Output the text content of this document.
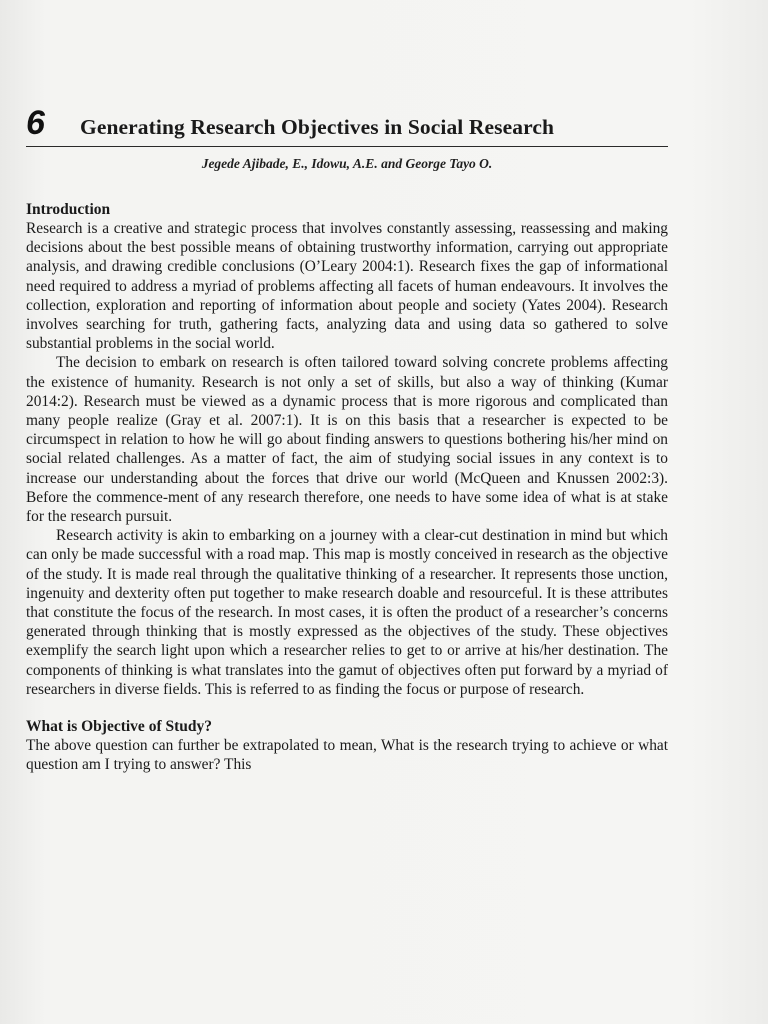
6	Generating Research Objectives in Social Research
Jegede Ajibade, E., Idowu, A.E. and George Tayo O.
Introduction

Research is a creative and strategic process that involves constantly assessing, reassessing and making decisions about the best possible means of obtaining trustworthy information, carrying out appropriate analysis, and drawing credible conclusions (O’Leary 2004:1). Research fixes the gap of informational need required to address a myriad of problems affecting all facets of human endeavours. It involves the collection, exploration and reporting of information about people and society (Yates 2004). Research involves searching for truth, gathering facts, analyzing data and using data so gathered to solve substantial problems in the social world.

The decision to embark on research is often tailored toward solving concrete problems affecting the existence of humanity. Research is not only a set of skills, but also a way of thinking (Kumar 2014:2). Research must be viewed as a dynamic process that is more rigorous and complicated than many people realize (Gray et al. 2007:1). It is on this basis that a researcher is expected to be circumspect in relation to how he will go about finding answers to questions bothering his/her mind on social related challenges. As a matter of fact, the aim of studying social issues in any context is to increase our understanding about the forces that drive our world (McQueen and Knussen 2002:3). Before the commence-ment of any research therefore, one needs to have some idea of what is at stake for the research pursuit.

Research activity is akin to embarking on a journey with a clear-cut destination in mind but which can only be made successful with a road map. This map is mostly conceived in research as the objective of the study. It is made real through the qualitative thinking of a researcher. It represents those unction, ingenuity and dexterity often put together to make research doable and resourceful. It is these attributes that constitute the focus of the research. In most cases, it is often the product of a researcher’s concerns generated through thinking that is mostly expressed as the objectives of the study. These objectives exemplify the search light upon which a researcher relies to get to or arrive at his/her destination. The components of thinking is what translates into the gamut of objectives often put forward by a myriad of researchers in diverse fields. This is referred to as finding the focus or purpose of research.

What is Objective of Study?

The above question can further be extrapolated to mean, What is the research trying to achieve or what question am I trying to answer? This
